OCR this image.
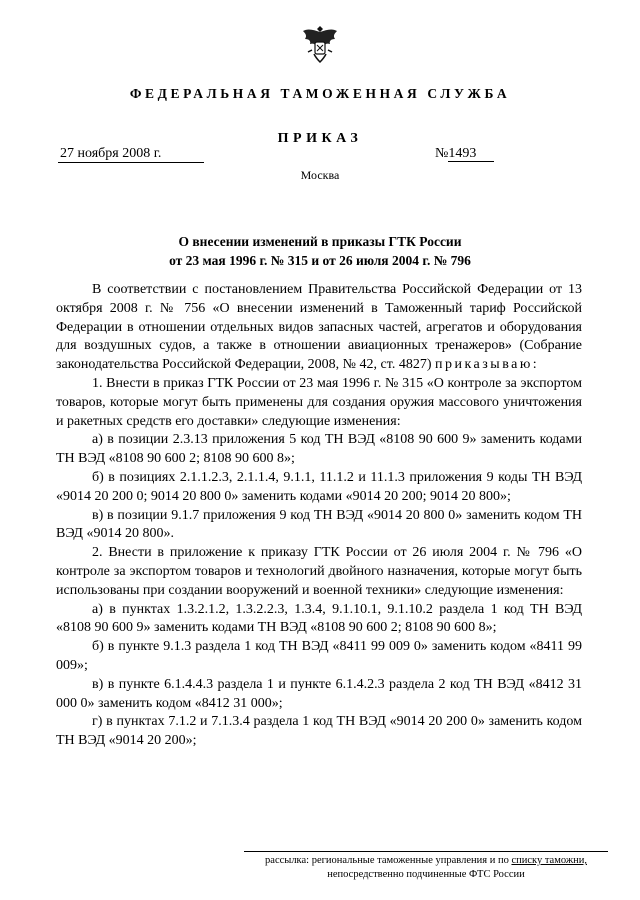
ФЕДЕРАЛЬНАЯ ТАМОЖЕННАЯ СЛУЖБА
ПРИКАЗ
27 ноября 2008 г.	№1493
Москва
О внесении изменений в приказы ГТК России
от 23 мая 1996 г. № 315 и от 26 июля 2004 г. № 796

В соответствии с постановлением Правительства Российской Федерации от 13 октября 2008 г. № 756 «О внесении изменений в Таможенный тариф Российской Федерации в отношении отдельных видов запасных частей, агрегатов и оборудования для воздушных судов, а также в отношении авиационных тренажеров» (Собрание законодательства Российской Федерации, 2008, № 42, ст. 4827) приказываю:

1. Внести в приказ ГТК России от 23 мая 1996 г. № 315 «О контроле за экспортом товаров, которые могут быть применены для создания оружия массового уничтожения и ракетных средств его доставки» следующие изменения:

а) в позиции 2.3.13 приложения 5 код ТН ВЭД «8108 90 600 9» заменить кодами ТН ВЭД «8108 90 600 2; 8108 90 600 8»;

б) в позициях 2.1.1.2.3, 2.1.1.4, 9.1.1, 11.1.2 и 11.1.3 приложения 9 коды ТН ВЭД «9014 20 200 0; 9014 20 800 0» заменить кодами «9014 20 200; 9014 20 800»;

в) в позиции 9.1.7 приложения 9 код ТН ВЭД «9014 20 800 0» заменить кодом ТН ВЭД «9014 20 800».

2. Внести в приложение к приказу ГТК России от 26 июля 2004 г. № 796 «О контроле за экспортом товаров и технологий двойного назначения, которые могут быть использованы при создании вооружений и военной техники» следующие изменения:

а) в пунктах 1.3.2.1.2, 1.3.2.2.3, 1.3.4, 9.1.10.1, 9.1.10.2 раздела 1 код ТН ВЭД «8108 90 600 9» заменить кодами ТН ВЭД «8108 90 600 2; 8108 90 600 8»;

б) в пункте 9.1.3 раздела 1 код ТН ВЭД «8411 99 009 0» заменить кодом «8411 99 009»;

в) в пункте 6.1.4.4.3 раздела 1 и пункте 6.1.4.2.3 раздела 2 код ТН ВЭД «8412 31 000 0» заменить кодом «8412 31 000»;

г) в пунктах 7.1.2 и 7.1.3.4 раздела 1 код ТН ВЭД «9014 20 200 0» заменить кодом ТН ВЭД «9014 20 200»;

рассылка: региональные таможенные управления и по списку таможни,
непосредственно подчиненные ФТС России
